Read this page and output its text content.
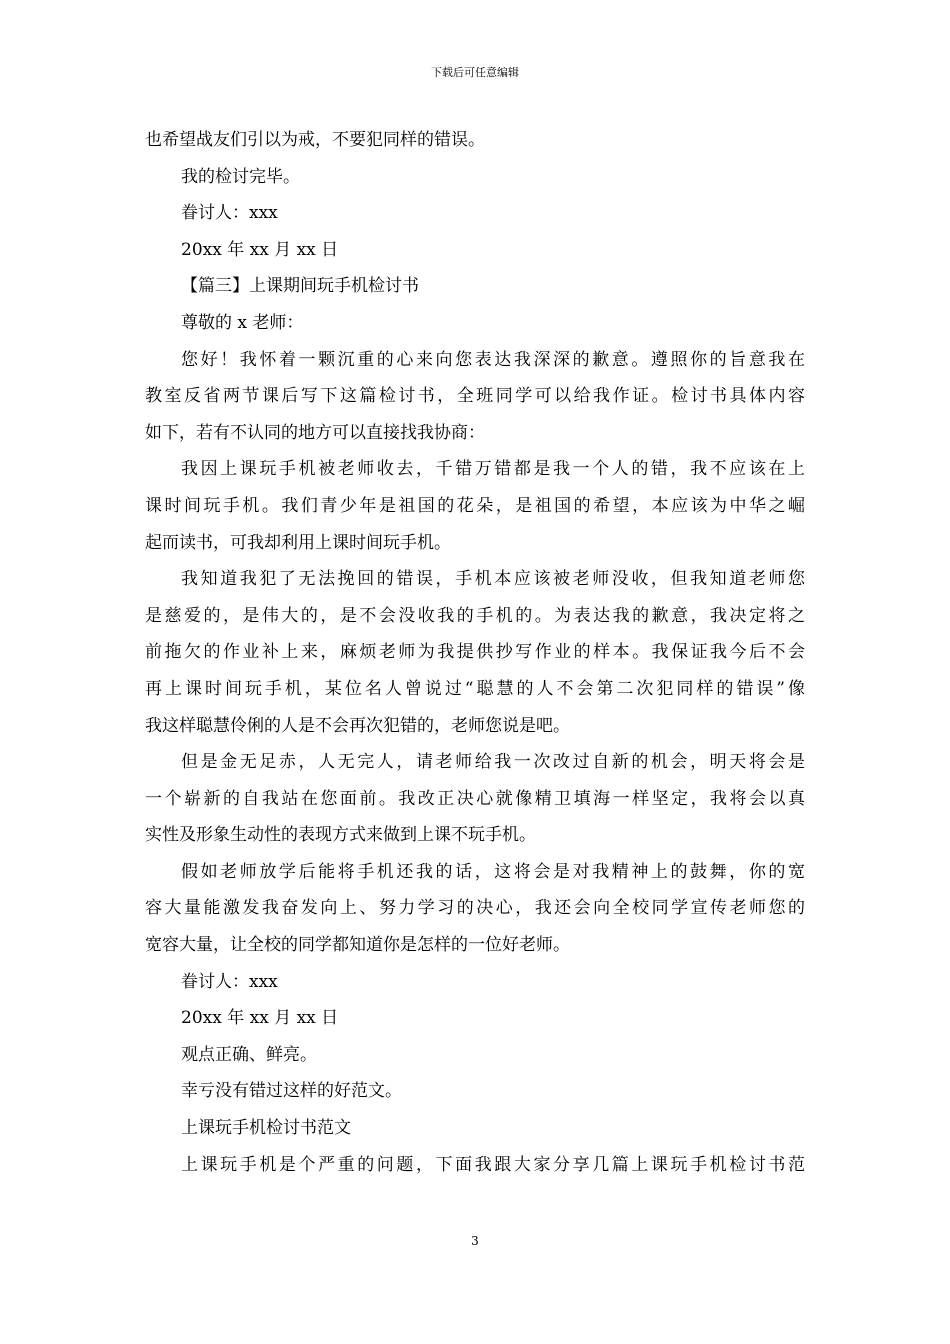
下载后可任意编辑
也希望战友们引以为戒，不要犯同样的错误。
我的检讨完毕。
眷讨人：xxx
20xx 年 xx 月 xx 日
【篇三】上课期间玩手机检讨书
尊敬的 x 老师：
您好！我怀着一颗沉重的心来向您表达我深深的歉意。遵照你的旨意我在
教室反省两节课后写下这篇检讨书，全班同学可以给我作证。检讨书具体内容
如下，若有不认同的地方可以直接找我协商：
我因上课玩手机被老师收去，千错万错都是我一个人的错，我不应该在上
课时间玩手机。我们青少年是祖国的花朵，是祖国的希望，本应该为中华之崛
起而读书，可我却利用上课时间玩手机。
我知道我犯了无法挽回的错误，手机本应该被老师没收，但我知道老师您
是慈爱的，是伟大的，是不会没收我的手机的。为表达我的歉意，我决定将之
前拖欠的作业补上来，麻烦老师为我提供抄写作业的样本。我保证我今后不会
再上课时间玩手机，某位名人曾说过“聪慧的人不会第二次犯同样的错误”像
我这样聪慧伶俐的人是不会再次犯错的，老师您说是吧。
但是金无足赤，人无完人，请老师给我一次改过自新的机会，明天将会是
一个崭新的自我站在您面前。我改正决心就像精卫填海一样坚定，我将会以真
实性及形象生动性的表现方式来做到上课不玩手机。
假如老师放学后能将手机还我的话，这将会是对我精神上的鼓舞，你的宽
容大量能激发我奋发向上、努力学习的决心，我还会向全校同学宣传老师您的
宽容大量，让全校的同学都知道你是怎样的一位好老师。
眷讨人：xxx
20xx 年 xx 月 xx 日
观点正确、鲜亮。
幸亏没有错过这样的好范文。
上课玩手机检讨书范文
上课玩手机是个严重的问题，下面我跟大家分享几篇上课玩手机检讨书范
3
